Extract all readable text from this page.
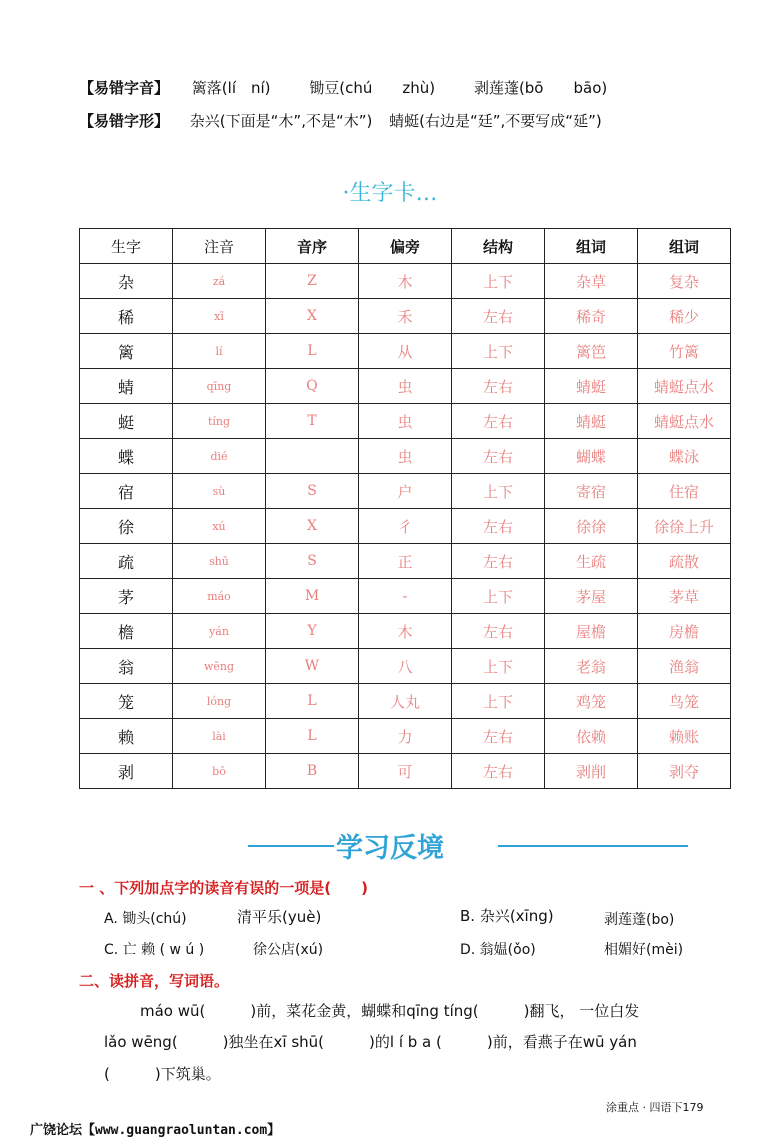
【易错字音】 篱落(lí　ní)	锄豆(chú　　zhù)	剥莲蓬(bō　　bāo)
【易错字形】 杂兴(下面是“木”,不是“木”) 蜻蜓(右边是“廷”,不要写成“延”)
·生字卡…
生字	注音	音序	偏旁	结构	组词	组词
杂	zá	Z	木	上下	杂草	复杂
稀	xī	X	禾	左右	稀奇	稀少
篱	lí	L	从	上下	篱笆	竹篱
蜻	qīng	Q	虫	左右	蜻蜓	蜻蜓点水
蜓	tíng	T	虫	左右	蜻蜓	蜻蜓点水
蝶	dié		虫	左右	蝴蝶	蝶泳
宿	sù	S	户	上下	寄宿	住宿
徐	xú	X	彳	左右	徐徐	徐徐上升
疏	shū	S	正	左右	生疏	疏散
茅	máo	M	-	上下	茅屋	茅草
檐	yán	Y	木	左右	屋檐	房檐
翁	wēng	W	八	上下	老翁	渔翁
笼	lóng	L	人丸	上下	鸡笼	鸟笼
赖	lài	L	力	左右	依赖	赖账
剥	bō	B	可	左右	剥削	剥夺
学习反境
一 、下列加点字的读音有误的一项是(　　)
A. 锄头(chú)	清平乐(yuè)	B. 杂兴(xīng)	剥莲蓬(bo)
C. 亡 赖 ( w ú )	徐公店(xú)	D. 翁媪(ǒo)	相媚好(mèi)
二、读拼音，写词语。
máo wū(　　　)前，菜花金黄，蝴蝶和qīng tíng(　　　)翻飞， 一位白发
lǎo wēng(　　　)独坐在xī shū(　　　)的l í b a (　　　)前，看燕子在wū yán
(　　　)下筑巢。
涂重点 · 四语下179
广饶论坛【www.guangraoluntan.com】
